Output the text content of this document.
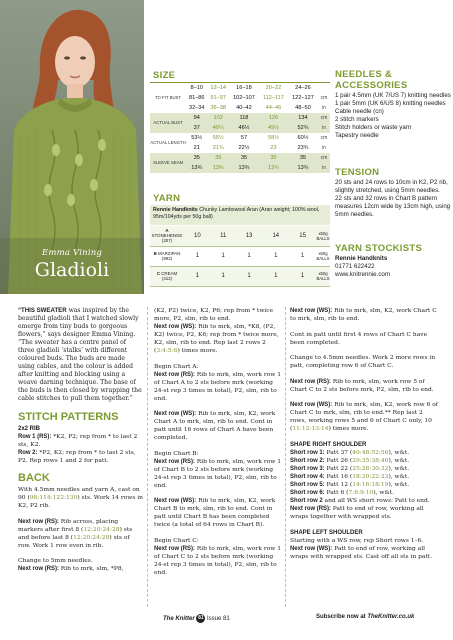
Emma Vining
Gladioli
SIZE
TO FIT BUST	8–10	12–14	16–18	20–22	24–26	
	81–86	91–97	102–107	112–117	122–127	cm
	32–34	36–38	40–42	44–46	48–50	in
ACTUAL BUST	94	102	118	126	134	cm
	37	40¼	46½	49½	52¾	in
ACTUAL LENGTH	53½	55½	57	58½	60½	cm
	21	21¾	22½	23	23¾	in
SLEEVE SEAM	35	35	35	35	35	cm
	13¾	13¾	13¾	13¾	13¾	in
YARN
Rennie Handknits Chunky Lambswool Aran (Aran weight; 100% wool, 95m/104yds per 50g ball)
A
STONEHENGE
(207)	10	11	13	14	15	x50g
BALLS
B MARZIPAN
(992)	1	1	1	1	1	x50g
BALLS
C CREAM
(412)	1	1	1	1	1	x50g
BALLS
NEEDLES &
ACCESSORIES
1 pair 4.5mm (UK 7/US 7) knitting needles
1 pair 5mm (UK 6/US 8) knitting needles
Cable needle (cn)
2 stitch markers
Stitch holders or waste yarn
Tapestry needle
TENSION
20 sts and 24 rows to 10cm in K2, P2 rib, slightly stretched, using 5mm needles.
22 sts and 32 rows in Chart B pattern measures 12cm wide by 13cm high, using 5mm needles.
YARN STOCKISTS
Rennie Handknits
01771 622422
www.knitrennie.com

“THIS SWEATER was inspired by the beautiful gladioli that I watched slowly emerge from tiny buds to gorgeous flowers,” says designer Emma Vining. “The sweater has a centre panel of three gladioli ‘stalks’ with different coloured buds. The buds are made using cables, and the colour is added after knitting and blocking using a weave darning technique. The base of the buds is then closed by wrapping the cable stitches to pull them together.”

STITCH PATTERNS

2x2 RIB

Row 1 (RS): *K2, P2; rep from * to last 2 sts, K2.

Row 2: *P2, K2; rep from * to last 2 sts, P2. Rep rows 1 and 2 for patt.

BACK

With 4.5mm needles and yarn A, cast on 90 (98:114:122:130) sts. Work 14 rows in K2, P2 rib.

Next row (RS): Rib across, placing markers after first 8 (12:20:24:28) sts and before last 8 (12:20:24:28) sts of row. Work 1 row even in rib.

Change to 5mm needles.

Next row (RS): Rib to mrk, slm, *P8,

(K2, P2) twice, K2, P6; rep from * twice more, P2, slm, rib to end.

Next row (WS): Rib to mrk, slm, *K8, (P2, K2) twice, P2, K6; rep from * twice more, K2, slm, rib to end. Rep last 2 rows 2 (3:4:5:6) times more.

Begin Chart A:

Next row (RS): Rib to mrk, slm, work row 1 of Chart A to 2 sts before mrk (working 24-st rep 3 times in total), P2, slm, rib to end.

Next row (WS): Rib to mrk, slm, K2, work Chart A to mrk, slm, rib to end. Cont in patt until 16 rows of Chart A have been completed.

Begin Chart B:

Next row (RS): Rib to mrk, slm, work row 1 of Chart B to 2 sts before mrk (working 24-st rep 3 times in total), P2, slm, rib to end.

Next row (WS): Rib to mrk, slm, K2, work Chart B to mrk, slm, rib to end. Cont in patt until Chart B has been completed twice (a total of 64 rows in Chart B).

Begin Chart C:

Next row (RS): Rib to mrk, slm, work row 1 of Chart C to 2 sts before mrk (working 24-st rep 3 times in total), P2, slm, rib to end.

Next row (WS): Rib to mrk, slm, K2, work Chart C to mrk, slm, rib to end.

Cont in patt until first 4 rows of Chart C have been completed.

Change to 4.5mm needles. Work 2 more rows in patt, completing row 6 of Chart C.

Next row (RS): Rib to mrk, slm, work row 5 of Chart C to 2 sts before mrk, P2, slm, rib to end.

Next row (WS): Rib to mrk, slm, K2, work row 6 of Chart C to mrk, slm, rib to end.** Rep last 2 rows, working rows 5 and 6 of Chart C only, 10 (11:12:13:14) times more.

SHAPE RIGHT SHOULDER

Short row 1: Patt 37 (40:48:52:56), w&t.
Short row 2: Patt 26 (29:35:38:40), w&t.
Short row 3: Patt 22 (25:28:30:32), w&t.
Short row 4: Patt 16 (18:20:22:23), w&t.
Short row 5: Patt 12 (14:16:18:19), w&t.
Short row 6: Patt 6 (7:8:9:10), w&t.
Short row 2 and all WS short rows: Patt to end.

Next row (RS): Patt to end of row, working all wraps together with wrapped sts.

SHAPE LEFT SHOULDER

Starting with a WS row, rep Short rows 1–6.

Next row (WS): Patt to end of row, working all wraps with wrapped sts. Cast off all sts in patt.

The Knitter 81 Issue 81	Subscribe now at TheKnitter.co.uk
